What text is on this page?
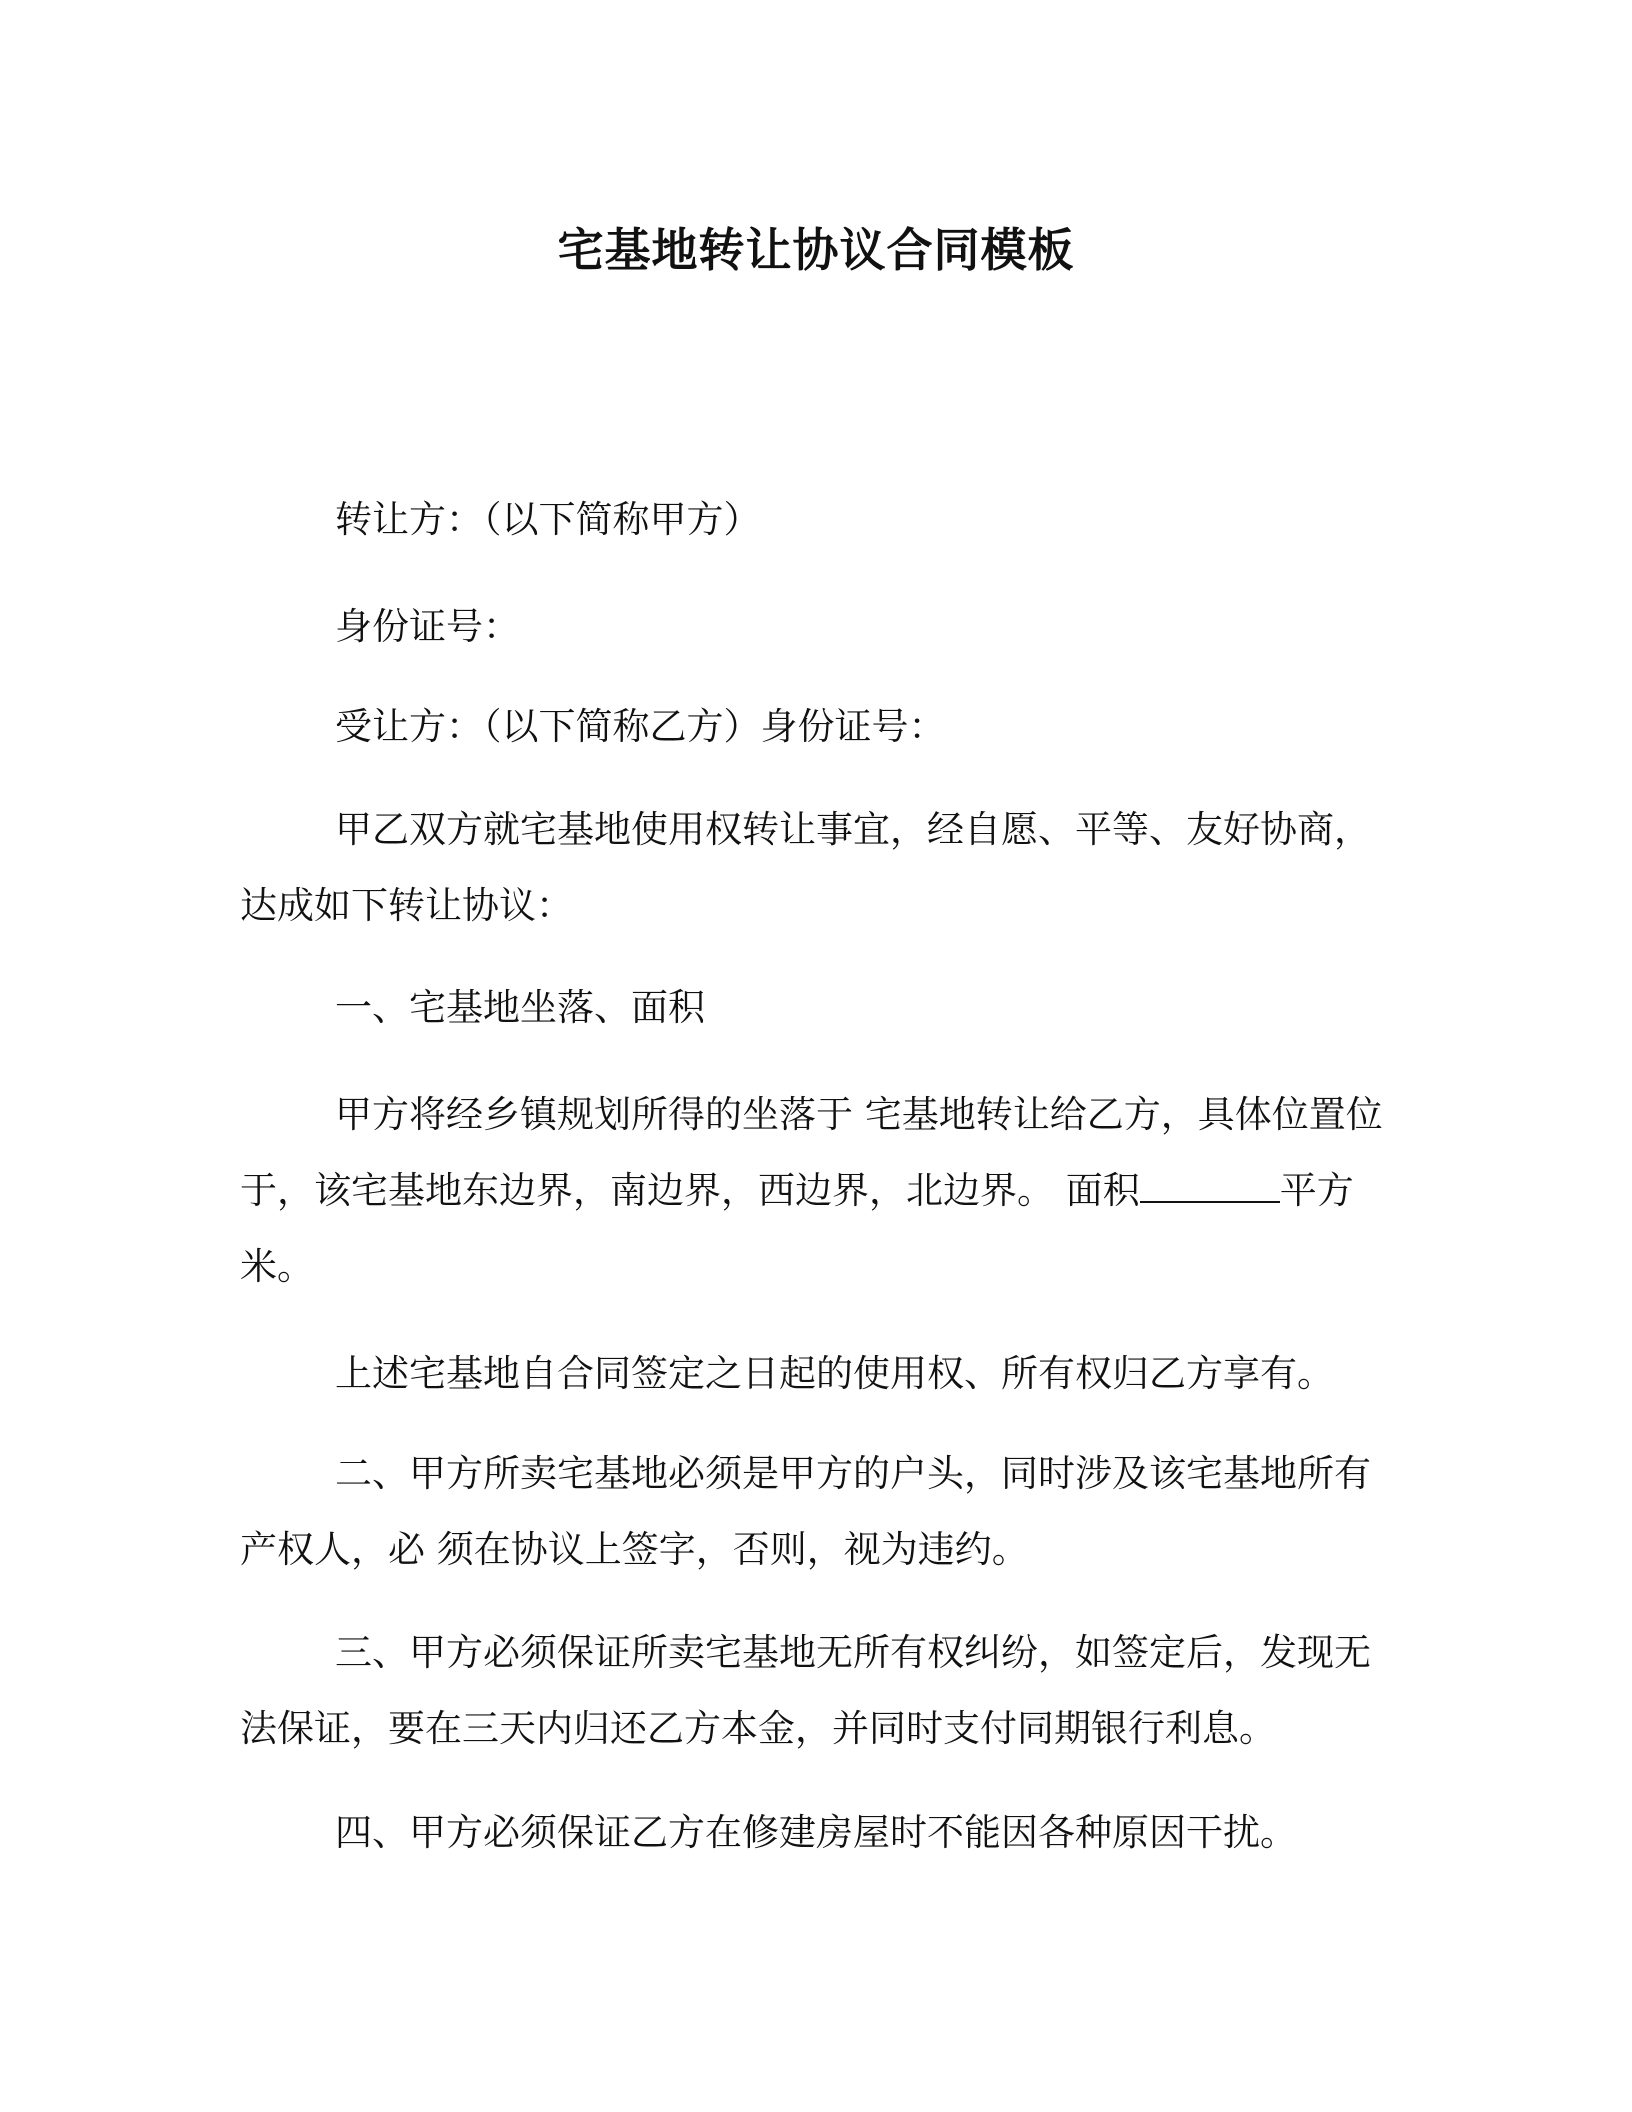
宅基地转让协议合同模板
转让方：（以下简称甲方）
身份证号：
受让方：（以下简称乙方）身份证号：
甲乙双方就宅基地使用权转让事宜，经自愿、平等、友好协商，达成如下转让协议：
一、宅基地坐落、面积
甲方将经乡镇规划所得的坐落于 宅基地转让给乙方，具体位置位于，该宅基地东边界，南边界，西边界，北边界。 面积	平方米。
上述宅基地自合同签定之日起的使用权、所有权归乙方享有。
二、甲方所卖宅基地必须是甲方的户头，同时涉及该宅基地所有产权人，必 须在协议上签字，否则，视为违约。
三、甲方必须保证所卖宅基地无所有权纠纷，如签定后，发现无法保证，要在三天内归还乙方本金，并同时支付同期银行利息。
四、甲方必须保证乙方在修建房屋时不能因各种原因干扰。
